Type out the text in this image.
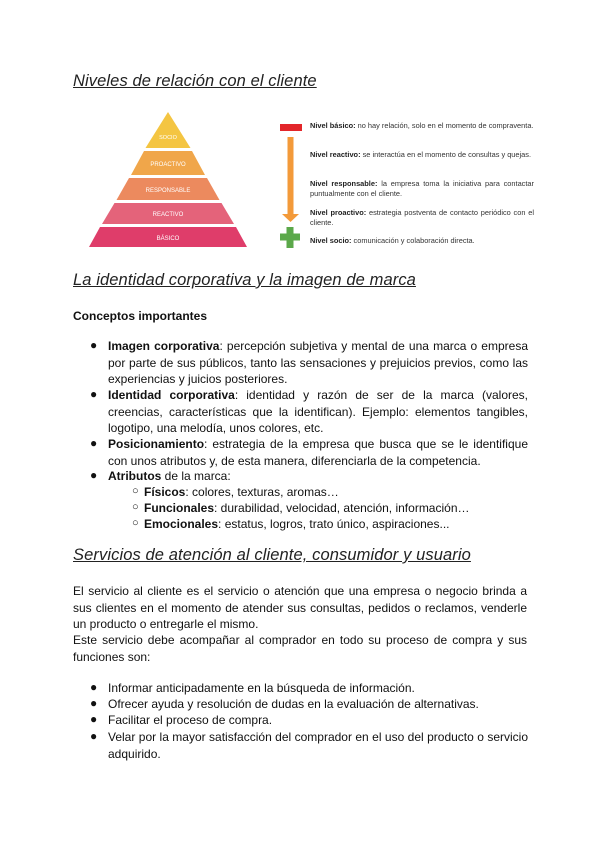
Niveles de relación con el cliente
SOCIO
PROACTIVO
RESPONSABLE
REACTIVO
BÁSICO
Nivel básico: no hay relación, solo en el momento de compraventa.
Nivel reactivo: se interactúa en el momento de consultas y quejas.
Nivel responsable: la empresa toma la iniciativa para contactar puntualmente con el cliente.
Nivel proactivo: estrategia postventa de contacto periódico con el cliente.
Nivel socio: comunicación y colaboración directa.
La identidad corporativa y la imagen de marca
Conceptos importantes
● Imagen corporativa: percepción subjetiva y mental de una marca o empresa por parte de sus públicos, tanto las sensaciones y prejuicios previos, como las experiencias y juicios posteriores.
● Identidad corporativa: identidad y razón de ser de la marca (valores, creencias, características que la identifican). Ejemplo: elementos tangibles, logotipo, una melodía, unos colores, etc.
● Posicionamiento: estrategia de la empresa que busca que se le identifique con unos atributos y, de esta manera, diferenciarla de la competencia.
● Atributos de la marca:
○ Físicos: colores, texturas, aromas…
○ Funcionales: durabilidad, velocidad, atención, información…
○ Emocionales: estatus, logros, trato único, aspiraciones...
Servicios de atención al cliente, consumidor y usuario
El servicio al cliente es el servicio o atención que una empresa o negocio brinda a sus clientes en el momento de atender sus consultas, pedidos o reclamos, venderle un producto o entregarle el mismo.
Este servicio debe acompañar al comprador en todo su proceso de compra y sus funciones son:
● Informar anticipadamente en la búsqueda de información.
● Ofrecer ayuda y resolución de dudas en la evaluación de alternativas.
● Facilitar el proceso de compra.
● Velar por la mayor satisfacción del comprador en el uso del producto o servicio adquirido.
